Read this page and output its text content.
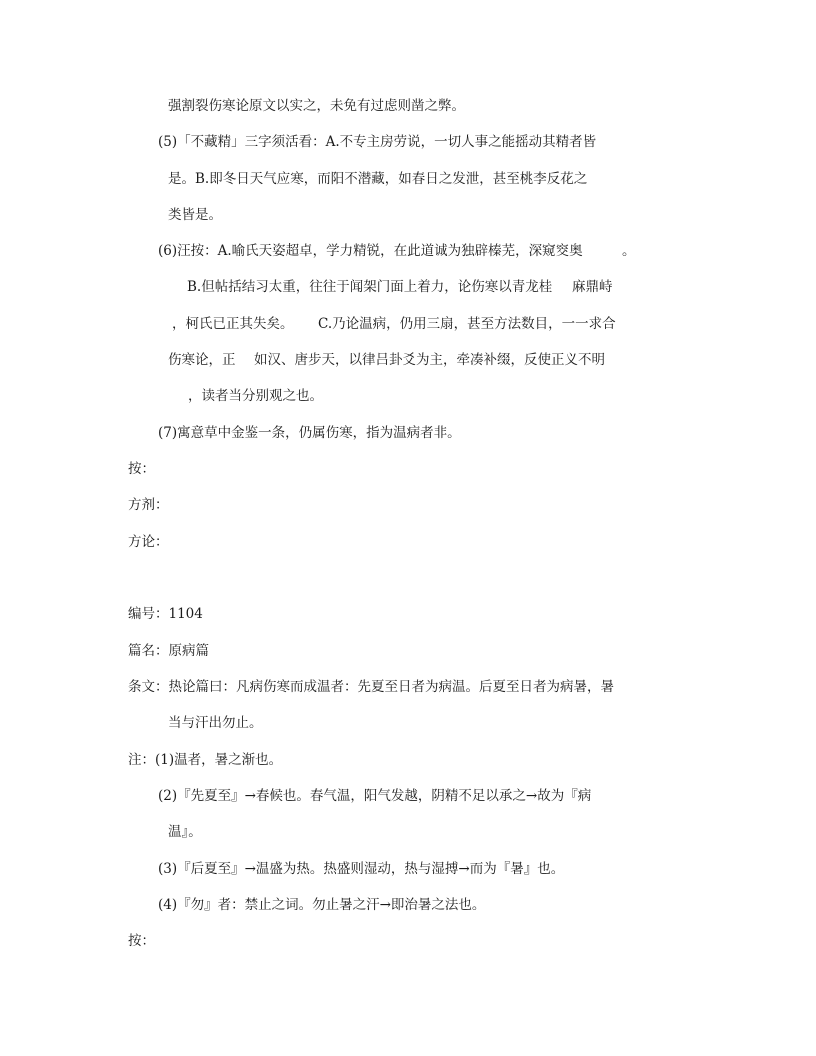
强割裂伤寒论原文以实之，未免有过虑则凿之弊。
(5)「不藏精」三字须活看：A.不专主房劳说，一切人事之能摇动其精者皆
是。B.即冬日天气应寒，而阳不潜藏，如春日之发泄，甚至桃李反花之
类皆是。
(6)汪按：A.喻氏天姿超卓，学力精锐，在此道诚为独辟榛芜，深窥窔奥	。
B.但帖括结习太重，往往于闻架门面上着力，论伤寒以青龙桂 麻鼎峙
，柯氏已正其失矣。 C.乃论温病，仍用三扇，甚至方法数目，一一求合
伤寒论，正 如汉、唐步天，以律吕卦爻为主，牵凑补缀，反使正义不明
，读者当分别观之也。
(7)寓意草中金鉴一条，仍属伤寒，指为温病者非。
按：
方剂：
方论：
编号：1104
篇名：原病篇
条文：热论篇曰：凡病伤寒而成温者：先夏至日者为病温。后夏至日者为病暑，暑
当与汗出勿止。
注：(1)温者，暑之渐也。
(2)『先夏至』→春候也。春气温，阳气发越，阴精不足以承之→故为『病
温』。
(3)『后夏至』→温盛为热。热盛则湿动，热与湿搏→而为『暑』也。
(4)『勿』者：禁止之词。勿止暑之汗→即治暑之法也。
按：
